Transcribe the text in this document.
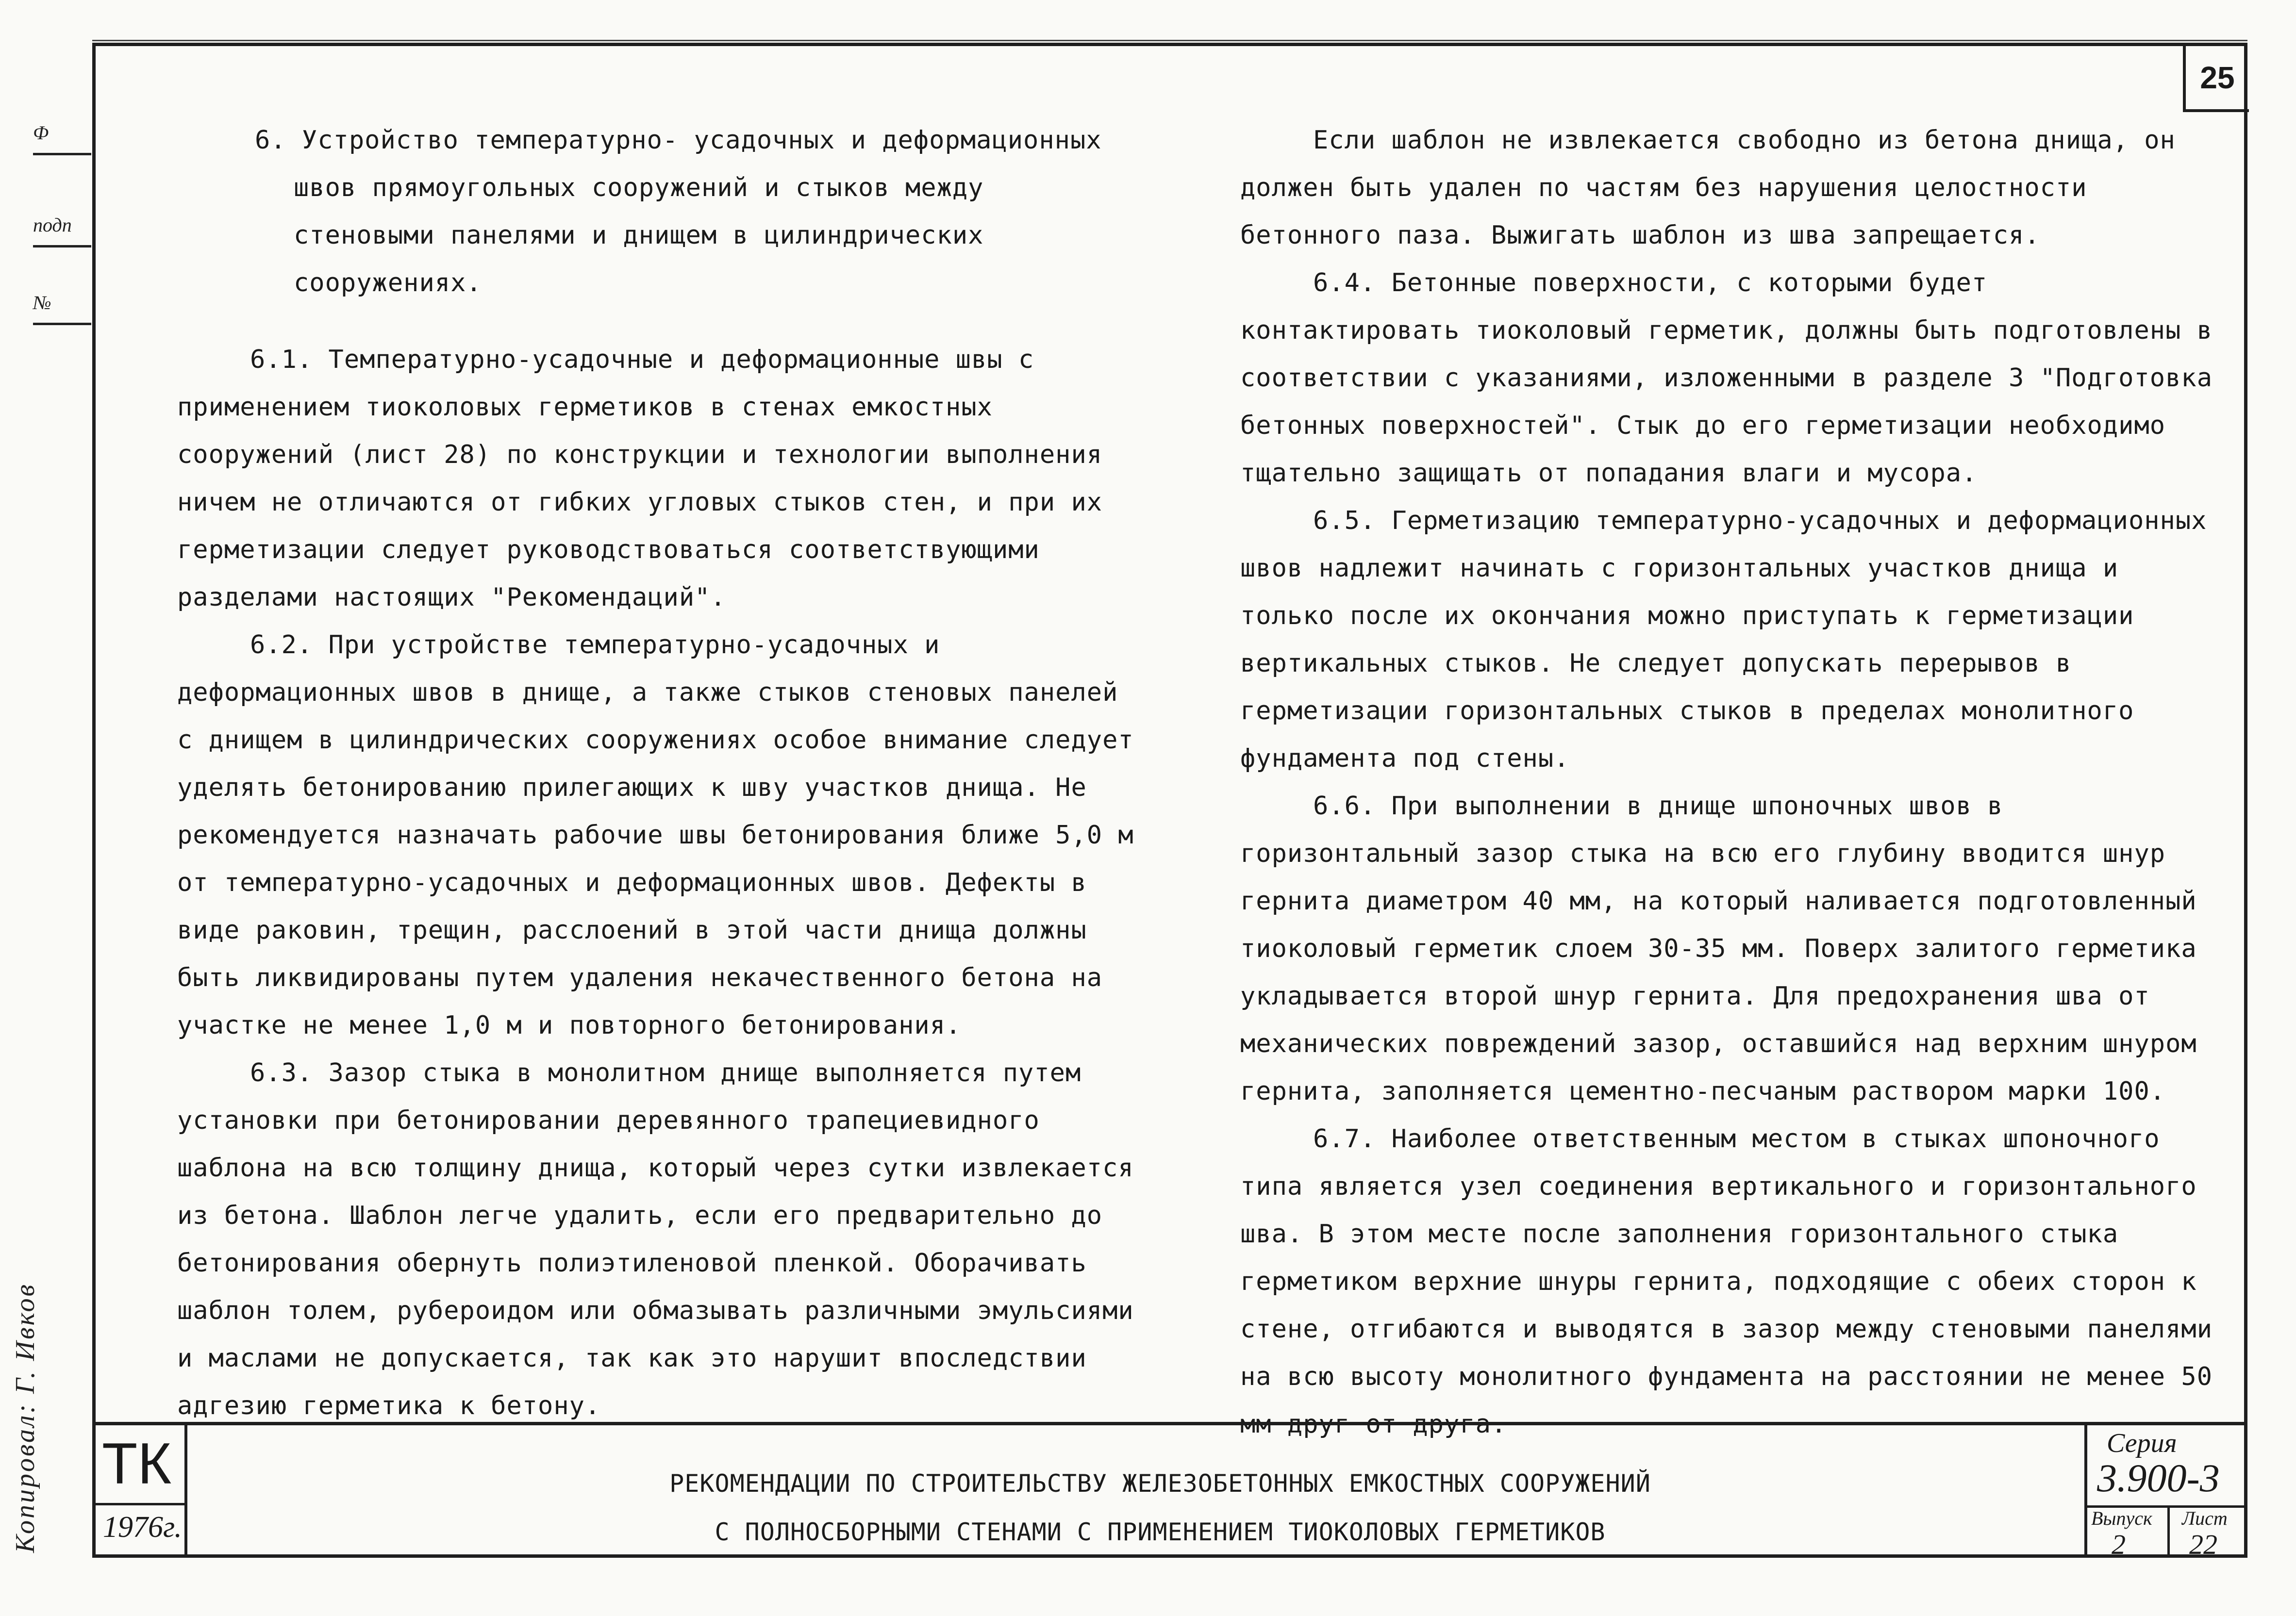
Ф
подп
№
Копировал: Г. Ивков
25

6. Устройство температурно- усадочных и деформационных швов прямоугольных сооружений и стыков между стеновыми панелями и днищем в цилиндрических сооружениях.

6.1. Температурно-усадочные и деформационные швы с применением тиоколовых герметиков в стенах емкостных сооружений (лист 28) по конструкции и технологии выполнения ничем не отличаются от гибких угловых стыков стен, и при их герметизации следует руководствоваться соответствующими разделами настоящих "Рекомендаций".

6.2. При устройстве температурно-усадочных и деформационных швов в днище, а также стыков стеновых панелей с днищем в цилиндрических сооружениях особое внимание следует уделять бетонированию прилегающих к шву участков днища. Не рекомендуется назначать рабочие швы бетонирования ближе 5,0 м от температурно-усадочных и деформационных швов. Дефекты в виде раковин, трещин, расслоений в этой части днища должны быть ликвидированы путем удаления некачественного бетона на участке не менее 1,0 м и повторного бетонирования.

6.3. Зазор стыка в монолитном днище выполняется путем установки при бетонировании деревянного трапециевидного шаблона на всю толщину днища, который через сутки извлекается из бетона. Шаблон легче удалить, если его предварительно до бетонирования обернуть полиэтиленовой пленкой. Оборачивать шаблон толем, рубероидом или обмазывать различными эмульсиями и маслами не допускается, так как это нарушит впоследствии адгезию герметика к бетону.

Если шаблон не извлекается свободно из бетона днища, он должен быть удален по частям без нарушения целостности бетонного паза. Выжигать шаблон из шва запрещается.

6.4. Бетонные поверхности, с которыми будет контактировать тиоколовый герметик, должны быть подготовлены в соответствии с указаниями, изложенными в разделе 3 "Подготовка бетонных поверхностей". Стык до его герметизации необходимо тщательно защищать от попадания влаги и мусора.

6.5. Герметизацию температурно-усадочных и деформационных швов надлежит начинать с горизонтальных участков днища и только после их окончания можно приступать к герметизации вертикальных стыков. Не следует допускать перерывов в герметизации горизонтальных стыков в пределах монолитного фундамента под стены.

6.6. При выполнении в днище шпоночных швов в горизонтальный зазор стыка на всю его глубину вводится шнур гернита диаметром 40 мм, на который наливается подготовленный тиоколовый герметик слоем 30-35 мм. Поверх залитого герметика укладывается второй шнур гернита. Для предохранения шва от механических повреждений зазор, оставшийся над верхним шнуром гернита, заполняется цементно-песчаным раствором марки 100.

6.7. Наиболее ответственным местом в стыках шпоночного типа является узел соединения вертикального и горизонтального шва. В этом месте после заполнения горизонтального стыка герметиком верхние шнуры гернита, подходящие с обеих сторон к стене, отгибаются и выводятся в зазор между стеновыми панелями на всю высоту монолитного фундамента на расстоянии не менее 50 мм друг от друга.

ТК
1976г.
РЕКОМЕНДАЦИИ ПО СТРОИТЕЛЬСТВУ ЖЕЛЕЗОБЕТОННЫХ ЕМКОСТНЫХ СООРУЖЕНИЙ
С ПОЛНОСБОРНЫМИ СТЕНАМИ С ПРИМЕНЕНИЕМ ТИОКОЛОВЫХ ГЕРМЕТИКОВ
Серия
3.900-3
Выпуск
2
Лист
22
